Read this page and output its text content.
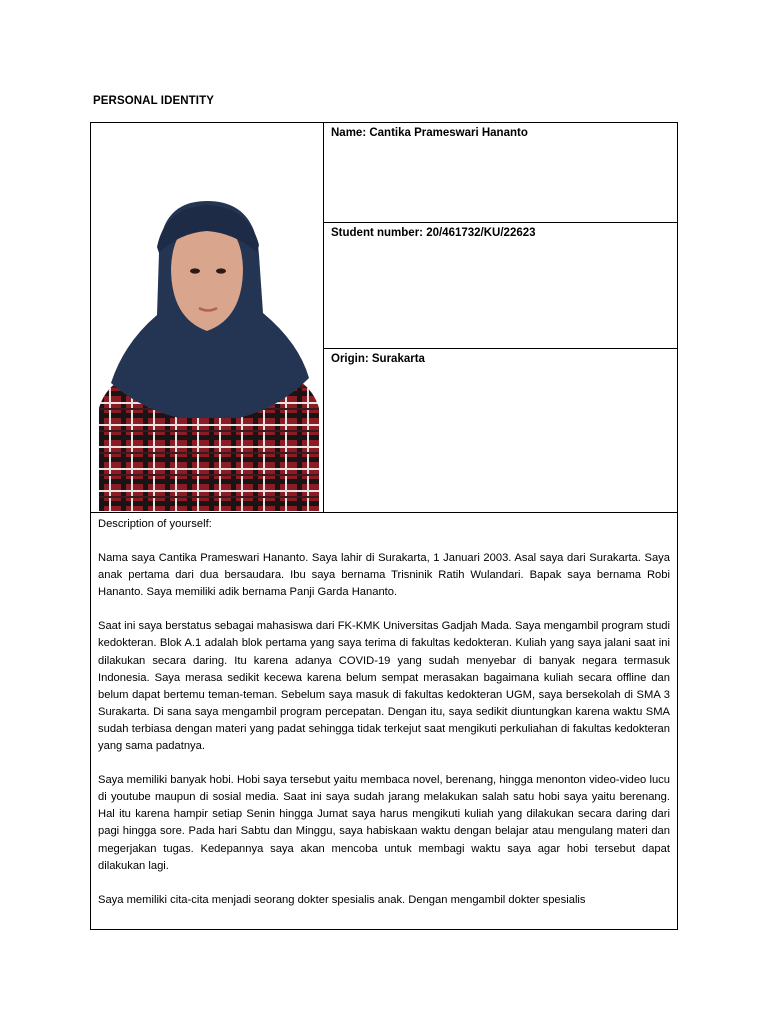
PERSONAL IDENTITY
Name: Cantika Prameswari Hananto
Student number: 20/461732/KU/22623
Origin: Surakarta

Description of yourself:

Nama saya Cantika Prameswari Hananto. Saya lahir di Surakarta, 1 Januari 2003. Asal saya dari Surakarta. Saya anak pertama dari dua bersaudara. Ibu saya bernama Trisninik Ratih Wulandari. Bapak saya bernama Robi Hananto. Saya memiliki adik bernama Panji Garda Hananto.

Saat ini saya berstatus sebagai mahasiswa dari FK-KMK Universitas Gadjah Mada. Saya mengambil program studi kedokteran. Blok A.1 adalah blok pertama yang saya terima di fakultas kedokteran. Kuliah yang saya jalani saat ini dilakukan secara daring. Itu karena adanya COVID-19 yang sudah menyebar di banyak negara termasuk Indonesia. Saya merasa sedikit kecewa karena belum sempat merasakan bagaimana kuliah secara offline dan belum dapat bertemu teman-teman. Sebelum saya masuk di fakultas kedokteran UGM, saya bersekolah di SMA 3 Surakarta. Di sana saya mengambil program percepatan. Dengan itu, saya sedikit diuntungkan karena waktu SMA sudah terbiasa dengan materi yang padat sehingga tidak terkejut saat mengikuti perkuliahan di fakultas kedokteran yang sama padatnya.

Saya memiliki banyak hobi. Hobi saya tersebut yaitu membaca novel, berenang, hingga menonton video-video lucu di youtube maupun di sosial media. Saat ini saya sudah jarang melakukan salah satu hobi saya yaitu berenang. Hal itu karena hampir setiap Senin hingga Jumat saya harus mengikuti kuliah yang dilakukan secara daring dari pagi hingga sore. Pada hari Sabtu dan Minggu, saya habiskaan waktu dengan belajar atau mengulang materi dan megerjakan tugas. Kedepannya saya akan mencoba untuk membagi waktu saya agar hobi tersebut dapat dilakukan lagi.

Saya memiliki cita-cita menjadi seorang dokter spesialis anak. Dengan mengambil dokter spesialis
